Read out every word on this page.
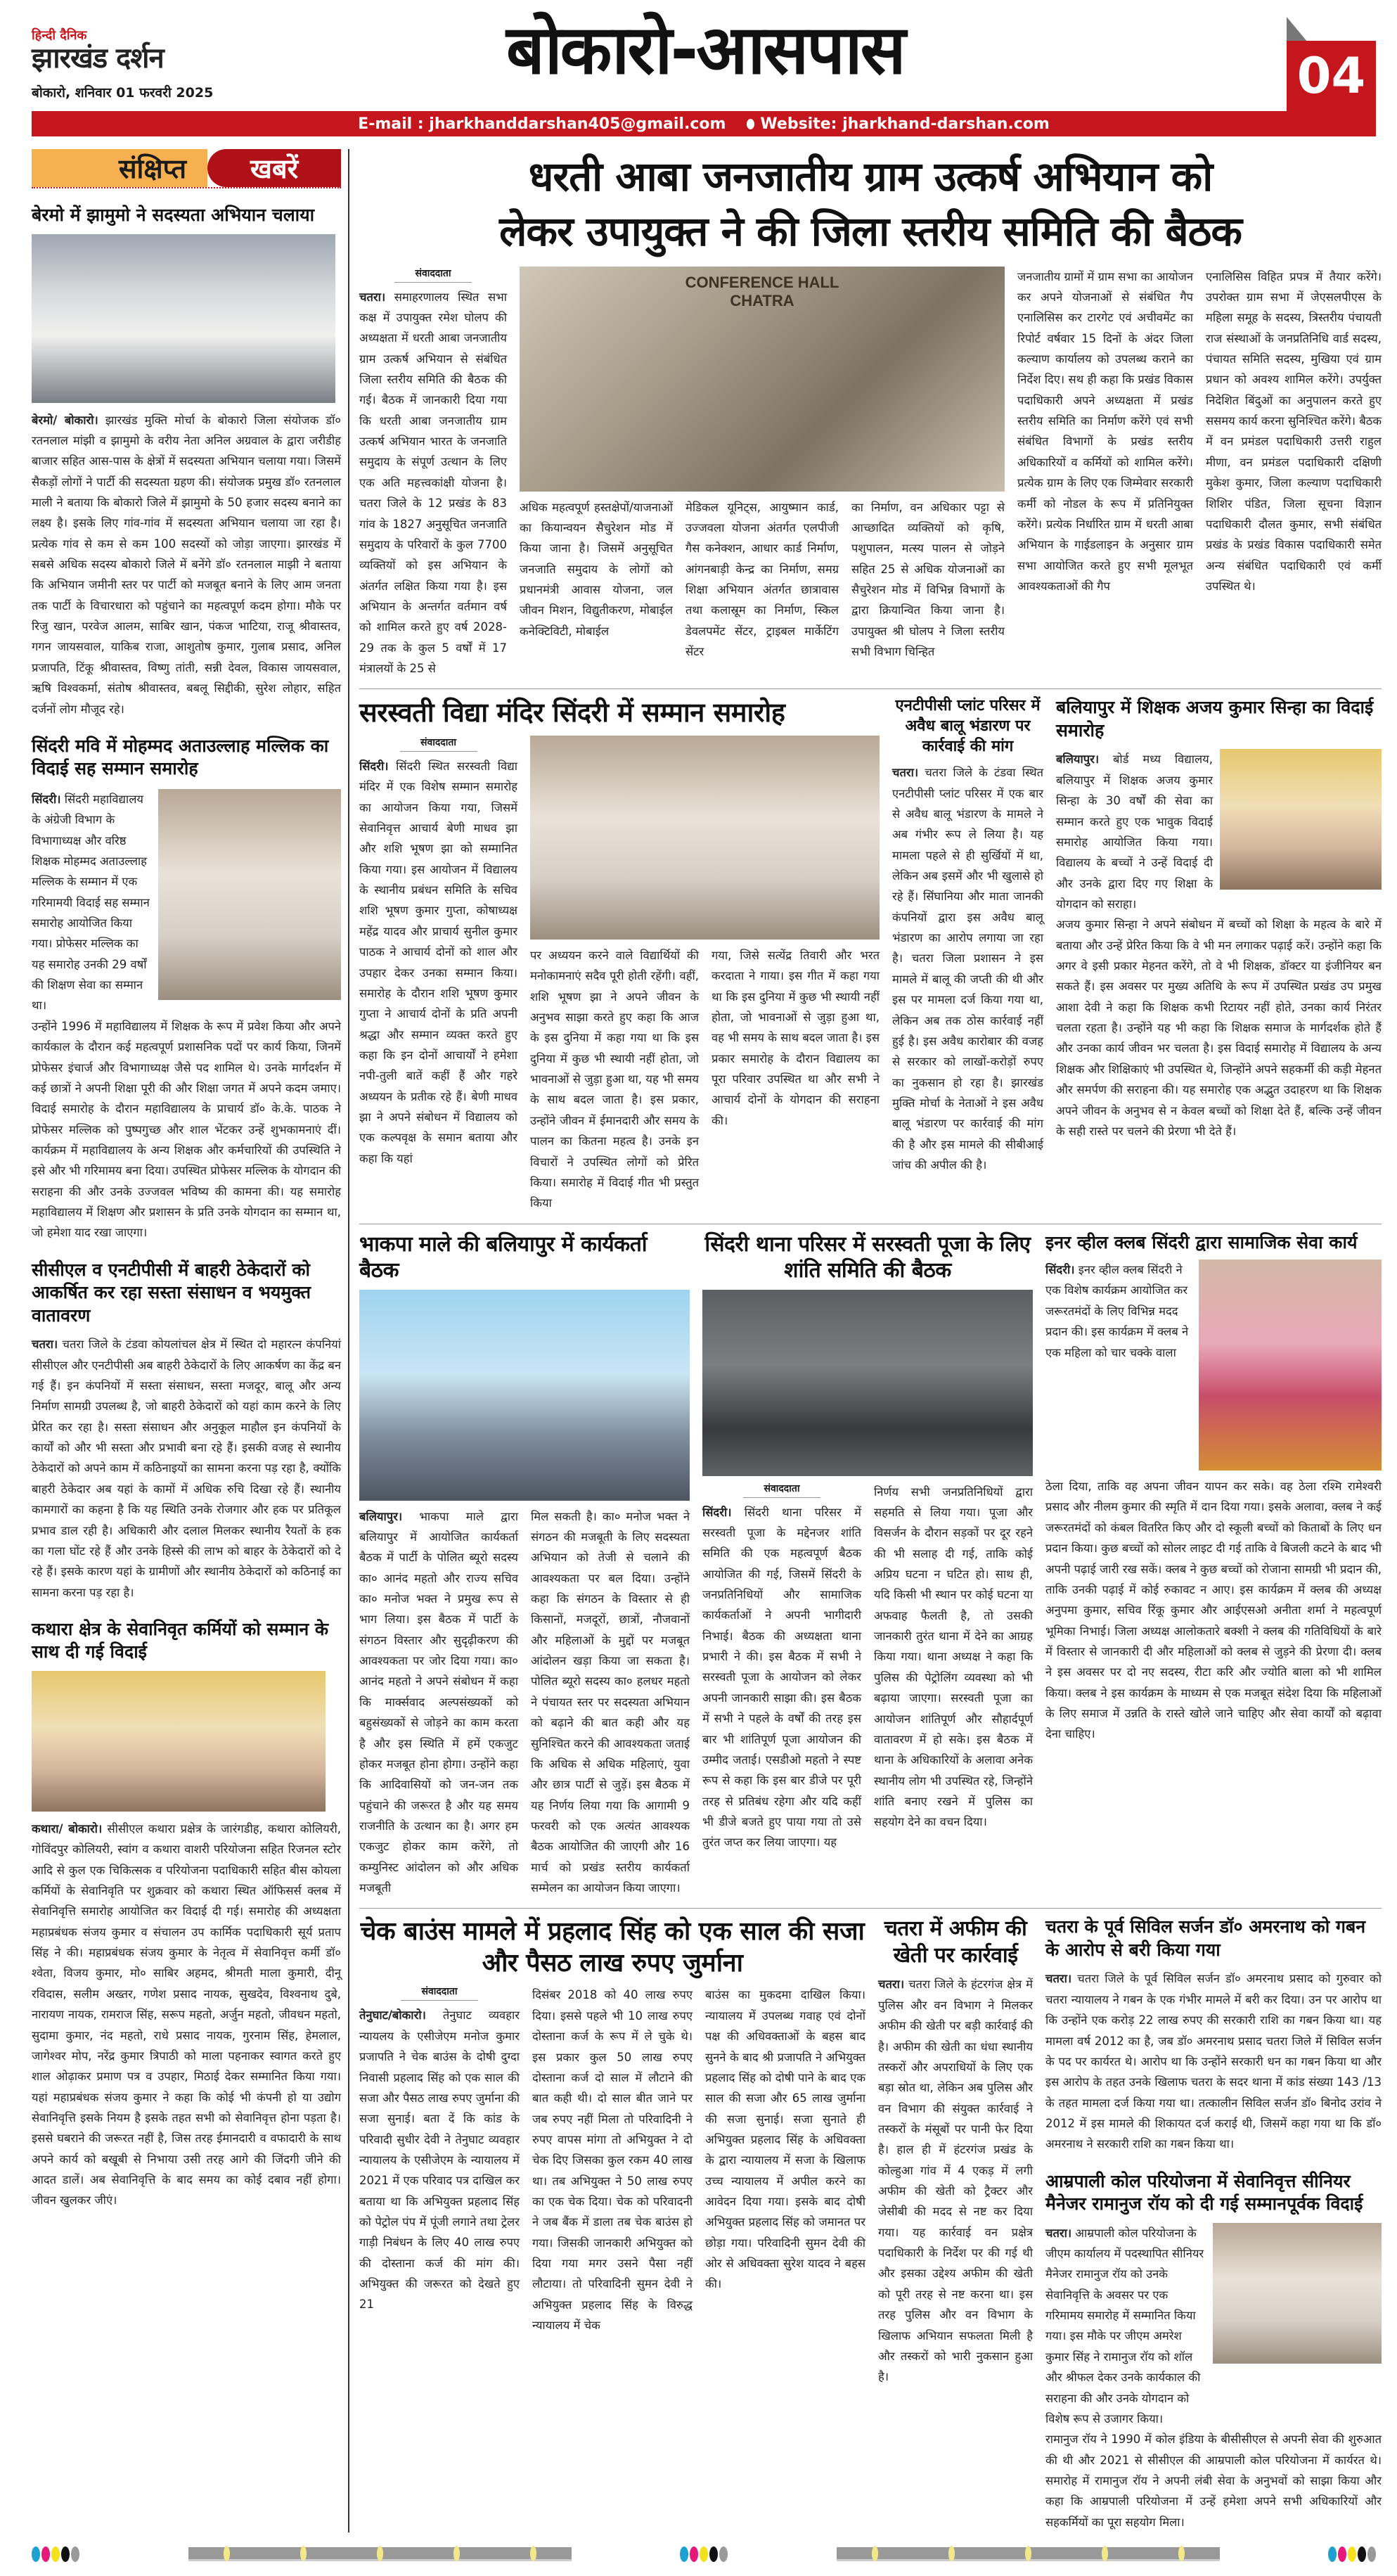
हिन्दी दैनिक
झारखंड दर्शन
बोकारो, शनिवार 01 फरवरी 2025
बोकारो-आसपास	04
E-mail : jharkhanddarshan405@gmail.com	Website: jharkhand-darshan.com
संक्षिप्त	खबरें
बेरमो में झामुमो ने सदस्यता अभियान चलाया

बेरमो/ बोकारो। झारखंड मुक्ति मोर्चा के बोकारो जिला संयोजक डॉ० रतनलाल मांझी व झामुमो के वरीय नेता अनिल अग्रवाल के द्वारा जरीडीह बाजार सहित आस-पास के क्षेत्रों में सदस्यता अभियान चलाया गया। जिसमें सैकड़ों लोगों ने पार्टी की सदस्यता ग्रहण की। संयोजक प्रमुख डॉ० रतनलाल माली ने बताया कि बोकारो जिले में झामुमो के 50 हजार सदस्य बनाने का लक्ष्य है। इसके लिए गांव-गांव में सदस्यता अभियान चलाया जा रहा है। प्रत्येक गांव से कम से कम 100 सदस्यों को जोड़ा जाएगा। झारखंड में सबसे अधिक सदस्य बोकारो जिले में बनेंगे डॉ० रतनलाल माझी ने बताया कि अभियान जमीनी स्तर पर पार्टी को मजबूत बनाने के लिए आम जनता तक पार्टी के विचारधारा को पहुंचाने का महत्वपूर्ण कदम होगा। मौके पर रिजु खान, परवेज आलम, साबिर खान, पंकज भाटिया, राजू श्रीवास्तव, गगन जायसवाल, याकिब राजा, आशुतोष कुमार, गुलाब प्रसाद, अनिल प्रजापति, टिंकू श्रीवास्तव, विष्णु तांती, सन्नी देवल, विकास जायसवाल, ऋषि विश्वकर्मा, संतोष श्रीवास्तव, बबलू सिद्दीकी, सुरेश लोहार, सहित दर्जनों लोग मौजूद रहे।

सिंदरी मवि में मोहम्मद अताउल्लाह मल्लिक का विदाई सह सम्मान समारोह

सिंदरी। सिंदरी महाविद्यालय के अंग्रेजी विभाग के विभागाध्यक्ष और वरिष्ठ शिक्षक मोहम्मद अताउल्लाह मल्लिक के सम्मान में एक गरिमामयी विदाई सह सम्मान समारोह आयोजित किया गया। प्रोफेसर मल्लिक का यह समारोह उनकी 29 वर्षों की शिक्षण सेवा का सम्मान था।

उन्होंने 1996 में महाविद्यालय में शिक्षक के रूप में प्रवेश किया और अपने कार्यकाल के दौरान कई महत्वपूर्ण प्रशासनिक पदों पर कार्य किया, जिनमें प्रोफेसर इंचार्ज और विभागाध्यक्ष जैसे पद शामिल थे। उनके मार्गदर्शन में कई छात्रों ने अपनी शिक्षा पूरी की और शिक्षा जगत में अपने कदम जमाए। विदाई समारोह के दौरान महाविद्यालय के प्राचार्य डॉ० के.के. पाठक ने प्रोफेसर मल्लिक को पुष्पगुच्छ और शाल भेंटकर उन्हें शुभकामनाएं दीं। कार्यक्रम में महाविद्यालय के अन्य शिक्षक और कर्मचारियों की उपस्थिति ने इसे और भी गरिमामय बना दिया। उपस्थित प्रोफेसर मल्लिक के योगदान की सराहना की और उनके उज्जवल भविष्य की कामना की। यह समारोह महाविद्यालय में शिक्षण और प्रशासन के प्रति उनके योगदान का सम्मान था, जो हमेशा याद रखा जाएगा।

सीसीएल व एनटीपीसी में बाहरी ठेकेदारों को आकर्षित कर रहा सस्ता संसाधन व भयमुक्त वातावरण

चतरा। चतरा जिले के टंडवा कोयलांचल क्षेत्र में स्थित दो महारत्न कंपनियां सीसीएल और एनटीपीसी अब बाहरी ठेकेदारों के लिए आकर्षण का केंद्र बन गई हैं। इन कंपनियों में सस्ता संसाधन, सस्ता मजदूर, बालू और अन्य निर्माण सामग्री उपलब्ध है, जो बाहरी ठेकेदारों को यहां काम करने के लिए प्रेरित कर रहा है। सस्ता संसाधन और अनुकूल माहौल इन कंपनियों के कार्यों को और भी सस्ता और प्रभावी बना रहे हैं। इसकी वजह से स्थानीय ठेकेदारों को अपने काम में कठिनाइयों का सामना करना पड़ रहा है, क्योंकि बाहरी ठेकेदार अब यहां के कामों में अधिक रुचि दिखा रहे हैं। स्थानीय कामगारों का कहना है कि यह स्थिति उनके रोजगार और हक पर प्रतिकूल प्रभाव डाल रही है। अधिकारी और दलाल मिलकर स्थानीय रैयतों के हक का गला घोंट रहे हैं और उनके हिस्से की लाभ को बाहर के ठेकेदारों को दे रहे हैं। इसके कारण यहां के ग्रामीणों और स्थानीय ठेकेदारों को कठिनाई का सामना करना पड़ रहा है।

कथारा क्षेत्र के सेवानिवृत कर्मियों को सम्मान के साथ दी गई विदाई

कथारा/ बोकारो। सीसीएल कथारा प्रक्षेत्र के जारंगडीह, कथारा कोलियरी, गोविंदपुर कोलियरी, स्वांग व कथारा वाशरी परियोजना सहित रिजनल स्टोर आदि से कुल एक चिकित्सक व परियोजना पदाधिकारी सहित बीस कोयला कर्मियों के सेवानिवृति पर शुक्रवार को कथारा स्थित ऑफिसर्स क्लब में सेवानिवृत्ति समारोह आयोजित कर विदाई दी गई। समारोह की अध्यक्षता महाप्रबंधक संजय कुमार व संचालन उप कार्मिक पदाधिकारी सूर्य प्रताप सिंह ने की। महाप्रबंधक संजय कुमार के नेतृत्व में सेवानिवृत्त कर्मी डॉ० श्वेता, विजय कुमार, मो० साबिर अहमद, श्रीमती माला कुमारी, दीनू रविदास, सलीम अख्तर, गणेश प्रसाद नायक, सुखदेव, विश्वनाथ दुबे, नारायण नायक, रामराज सिंह, सरूप महतो, अर्जुन महतो, जीवधन महतो, सुदामा कुमार, नंद महतो, राधे प्रसाद नायक, गुरनाम सिंह, हेमलाल, जागेश्वर मोप, नरेंद्र कुमार त्रिपाठी को माला पहनाकर स्वागत करते हुए शाल ओढ़ाकर प्रमाण पत्र व उपहार, मिठाई देकर सम्मानित किया गया। यहां महाप्रबंधक संजय कुमार ने कहा कि कोई भी कंपनी हो या उद्योग सेवानिवृत्ति इसके नियम है इसके तहत सभी को सेवानिवृत्त होना पड़ता है। इससे घबराने की जरूरत नहीं है, जिस तरह ईमानदारी व वफादारी के साथ अपने कार्य को बखूबी से निभाया उसी तरह आगे की जिंदगी जीने की आदत डालें। अब सेवानिवृत्ति के बाद समय का कोई दबाव नहीं होगा। जीवन खुलकर जीएं।

धरती आबा जनजातीय ग्राम उत्कर्ष अभियान को
लेकर उपायुक्त ने की जिला स्तरीय समिति की बैठक
संवाददाता

चतरा। समाहरणालय स्थित सभा कक्ष में उपायुक्त रमेश घोलप की अध्यक्षता में धरती आबा जनजातीय ग्राम उत्कर्ष अभियान से संबंधित जिला स्तरीय समिति की बैठक की गई। बैठक में जानकारी दिया गया कि धरती आबा जनजातीय ग्राम उत्कर्ष अभियान भारत के जनजाति समुदाय के संपूर्ण उत्थान के लिए एक अति महत्त्वकांक्षी योजना है। चतरा जिले के 12 प्रखंड के 83 गांव के 1827 अनुसूचित जनजाति समुदाय के परिवारों के कुल 7700 व्यक्तियों को इस अभियान के अंतर्गत लक्षित किया गया है। इस अभियान के अन्तर्गत वर्तमान वर्ष को शामिल करते हुए वर्ष 2028-29 तक के कुल 5 वर्षों में 17 मंत्रालयों के 25 से

CONFERENCE HALL
CHATRA

अधिक महत्वपूर्ण हस्तक्षेपों/याजनाओं का कियान्वयन सैचुरेशन मोड में किया जाना है। जिसमें अनुसूचित जनजाति समुदाय के लोगों को प्रधानमंत्री आवास योजना, जल जीवन मिशन, विद्युतीकरण, मोबाईल कनेक्टिविटी, मोबाईल

मेडिकल यूनिट्स, आयुष्मान कार्ड, उज्जवला योजना अंतर्गत एलपीजी गैस कनेक्शन, आधार कार्ड निर्माण, आंगनबाड़ी केन्द्र का निर्माण, समग्र शिक्षा अभियान अंतर्गत छात्रावास तथा कलास्रूम का निर्माण, स्किल डेवलपमेंट सेंटर, ट्राइबल मार्केटिंग सेंटर

का निर्माण, वन अधिकार पट्टा से आच्छादित व्यक्तियों को कृषि, पशुपालन, मत्स्य पालन से जोड़ने सहित 25 से अधिक योजनाओं का सैचुरेशन मोड में विभिन्न विभागों के द्वारा क्रियान्वित किया जाना है। उपायुक्त श्री घोलप ने जिला स्तरीय सभी विभाग चिन्हित

जनजातीय ग्रामों में ग्राम सभा का आयोजन कर अपने योजनाओं से संबंधित गैप एनालिसिस कर टारगेट एवं अचीवमेंट का रिपोर्ट वर्षवार 15 दिनों के अंदर जिला कल्याण कार्यालय को उपलब्ध कराने का निर्देश दिए। सथ ही कहा कि प्रखंड विकास पदाधिकारी अपने अध्यक्षता में प्रखंड स्तरीय समिति का निर्माण करेंगे एवं सभी संबंधित विभागों के प्रखंड स्तरीय अधिकारियों व कर्मियों को शामिल करेंगे। प्रत्येक ग्राम के लिए एक जिम्मेवार सरकारी कर्मी को नोडल के रूप में प्रतिनियुक्त करेंगे। प्रत्येक निर्धारित ग्राम में धरती आबा अभियान के गाईडलाइन के अनुसार ग्राम सभा आयोजित करते हुए सभी मूलभूत आवश्यकताओं की गैप

एनालिसिस विहित प्रपत्र में तैयार करेंगे। उपरोक्त ग्राम सभा में जेएसलपीएस के महिला समूह के सदस्य, त्रिस्तरीय पंचायती राज संस्थाओं के जनप्रतिनिधि वार्ड सदस्य, पंचायत समिति सदस्य, मुखिया एवं ग्राम प्रधान को अवश्य शामिल करेंगे। उपर्युक्त निदेशित बिंदुओं का अनुपालन करते हुए ससमय कार्य करना सुनिश्चित करेंगे। बैठक में वन प्रमंडल पदाधिकारी उत्तरी राहुल मीणा, वन प्रमंडल पदाधिकारी दक्षिणी मुकेश कुमार, जिला कल्याण पदाधिकारी शिशिर पंडित, जिला सूचना विज्ञान पदाधिकारी दौलत कुमार, सभी संबंधित प्रखंड के प्रखंड विकास पदाधिकारी समेत अन्य संबंधित पदाधिकारी एवं कर्मी उपस्थित थे।

सरस्वती विद्या मंदिर सिंदरी में सम्मान समारोह
संवाददाता

सिंदरी। सिंदरी स्थित सरस्वती विद्या मंदिर में एक विशेष सम्मान समारोह का आयोजन किया गया, जिसमें सेवानिवृत्त आचार्य बेणी माधव झा और शशि भूषण झा को सम्मानित किया गया। इस आयोजन में विद्यालय के स्थानीय प्रबंधन समिति के सचिव शशि भूषण कुमार गुप्ता, कोषाध्यक्ष महेंद्र यादव और प्राचार्य सुनील कुमार पाठक ने आचार्य दोनों को शाल और उपहार देकर उनका सम्मान किया। समारोह के दौरान शशि भूषण कुमार गुप्ता ने आचार्य दोनों के प्रति अपनी श्रद्धा और सम्मान व्यक्त करते हुए कहा कि इन दोनों आचार्यों ने हमेशा नपी-तुली बातें कहीं हैं और गहरे अध्ययन के प्रतीक रहे हैं। बेणी माधव झा ने अपने संबोधन में विद्यालय को एक कल्पवृक्ष के समान बताया और कहा कि यहां

पर अध्ययन करने वाले विद्यार्थियों की मनोकामनाएं सदैव पूरी होती रहेंगी। वहीं, शशि भूषण झा ने अपने जीवन के अनुभव साझा करते हुए कहा कि आज के इस दुनिया में कहा गया था कि इस दुनिया में कुछ भी स्थायी नहीं होता, जो भावनाओं से जुड़ा हुआ था, यह भी समय के साथ बदल जाता है। इस प्रकार, उन्होंने जीवन में ईमानदारी और समय के पालन का कितना महत्व है। उनके इन विचारों ने उपस्थित लोगों को प्रेरित किया। समारोह में विदाई गीत भी प्रस्तुत किया

गया, जिसे सत्येंद्र तिवारी और भरत करदाता ने गाया। इस गीत में कहा गया था कि इस दुनिया में कुछ भी स्थायी नहीं होता, जो भावनाओं से जुड़ा हुआ था, वह भी समय के साथ बदल जाता है। इस प्रकार समारोह के दौरान विद्यालय का पूरा परिवार उपस्थित था और सभी ने आचार्य दोनों के योगदान की सराहना की।

एनटीपीसी प्लांट परिसर में अवैध बालू भंडारण पर कार्रवाई की मांग

चतरा। चतरा जिले के टंडवा स्थित एनटीपीसी प्लांट परिसर में एक बार से अवैध बालू भंडारण के मामले ने अब गंभीर रूप ले लिया है। यह मामला पहले से ही सुर्खियों में था, लेकिन अब इसमें और भी खुलासे हो रहे हैं। सिंघानिया और माता जानकी कंपनियों द्वारा इस अवैध बालू भंडारण का आरोप लगाया जा रहा है। चतरा जिला प्रशासन ने इस मामले में बालू की जप्ती की थी और इस पर मामला दर्ज किया गया था, लेकिन अब तक ठोस कार्रवाई नहीं हुई है। इस अवैध कारोबार की वजह से सरकार को लाखों-करोड़ों रुपए का नुकसान हो रहा है। झारखंड मुक्ति मोर्चा के नेताओं ने इस अवैध बालू भंडारण पर कार्रवाई की मांग की है और इस मामले की सीबीआई जांच की अपील की है।

बलियापुर में शिक्षक अजय कुमार सिन्हा का विदाई समारोह

बलियापुर। बोर्ड मध्य विद्यालय, बलियापुर में शिक्षक अजय कुमार सिन्हा के 30 वर्षों की सेवा का सम्मान करते हुए एक भावुक विदाई समारोह आयोजित किया गया। विद्यालय के बच्चों ने उन्हें विदाई दी और उनके द्वारा दिए गए शिक्षा के योगदान को सराहा।

अजय कुमार सिन्हा ने अपने संबोधन में बच्चों को शिक्षा के महत्व के बारे में बताया और उन्हें प्रेरित किया कि वे भी मन लगाकर पढ़ाई करें। उन्होंने कहा कि अगर वे इसी प्रकार मेहनत करेंगे, तो वे भी शिक्षक, डॉक्टर या इंजीनियर बन सकते हैं। इस अवसर पर मुख्य अतिथि के रूप में उपस्थित प्रखंड उप प्रमुख आशा देवी ने कहा कि शिक्षक कभी रिटायर नहीं होते, उनका कार्य निरंतर चलता रहता है। उन्होंने यह भी कहा कि शिक्षक समाज के मार्गदर्शक होते हैं और उनका कार्य जीवन भर चलता है। इस विदाई समारोह में विद्यालय के अन्य शिक्षक और शिक्षिकाएं भी उपस्थित थे, जिन्होंने अपने सहकर्मी की कड़ी मेहनत और समर्पण की सराहना की। यह समारोह एक अद्भुत उदाहरण था कि शिक्षक अपने जीवन के अनुभव से न केवल बच्चों को शिक्षा देते हैं, बल्कि उन्हें जीवन के सही रास्ते पर चलने की प्रेरणा भी देते हैं।

भाकपा माले की बलियापुर में कार्यकर्ता बैठक

बलियापुर। भाकपा माले द्वारा बलियापुर में आयोजित कार्यकर्ता बैठक में पार्टी के पोलित ब्यूरो सदस्य का० आनंद महतो और राज्य सचिव का० मनोज भक्त ने प्रमुख रूप से भाग लिया। इस बैठक में पार्टी के संगठन विस्तार और सुदृढ़ीकरण की आवश्यकता पर जोर दिया गया। का० आनंद महतो ने अपने संबोधन में कहा कि मार्क्सवाद अल्पसंख्यकों को बहुसंख्यकों से जोड़ने का काम करता है और इस स्थिति में हमें एकजुट होकर मजबूत होना होगा। उन्होंने कहा कि आदिवासियों को जन-जन तक पहुंचाने की जरूरत है और यह समय राजनीति के उत्थान का है। अगर हम एकजुट होकर काम करेंगे, तो कम्युनिस्ट आंदोलन को और अधिक मजबूती

मिल सकती है। का० मनोज भक्त ने संगठन की मजबूती के लिए सदस्यता अभियान को तेजी से चलाने की आवश्यकता पर बल दिया। उन्होंने कहा कि संगठन के विस्तार से ही किसानों, मजदूरों, छात्रों, नौजवानों और महिलाओं के मुद्दों पर मजबूत आंदोलन खड़ा किया जा सकता है। पोलित ब्यूरो सदस्य का० हलधर महतो ने पंचायत स्तर पर सदस्यता अभियान को बढ़ाने की बात कही और यह सुनिश्चित करने की आवश्यकता जताई कि अधिक से अधिक महिलाएं, युवा और छात्र पार्टी से जुड़ें। इस बैठक में यह निर्णय लिया गया कि आगामी 9 फरवरी को एक अत्यंत आवश्यक बैठक आयोजित की जाएगी और 16 मार्च को प्रखंड स्तरीय कार्यकर्ता सम्मेलन का आयोजन किया जाएगा।

सिंदरी थाना परिसर में सरस्वती पूजा के लिए शांति समिति की बैठक
संवाददाता

सिंदरी। सिंदरी थाना परिसर में सरस्वती पूजा के मद्देनजर शांति समिति की एक महत्वपूर्ण बैठक आयोजित की गई, जिसमें सिंदरी के जनप्रतिनिधियों और सामाजिक कार्यकर्ताओं ने अपनी भागीदारी निभाई। बैठक की अध्यक्षता थाना प्रभारी ने की। इस बैठक में सभी ने सरस्वती पूजा के आयोजन को लेकर अपनी जानकारी साझा की। इस बैठक में सभी ने पहले के वर्षों की तरह इस बार भी शांतिपूर्ण पूजा आयोजन की उम्मीद जताई। एसडीओ महतो ने स्पष्ट रूप से कहा कि इस बार डीजे पर पूरी तरह से प्रतिबंध रहेगा और यदि कहीं भी डीजे बजते हुए पाया गया तो उसे तुरंत जप्त कर लिया जाएगा। यह

निर्णय सभी जनप्रतिनिधियों द्वारा सहमति से लिया गया। पूजा और विसर्जन के दौरान सड़कों पर दूर रहने की भी सलाह दी गई, ताकि कोई अप्रिय घटना न घटित हो। साथ ही, यदि किसी भी स्थान पर कोई घटना या अफवाह फैलती है, तो उसकी जानकारी तुरंत थाना में देने का आग्रह किया गया। थाना अध्यक्ष ने कहा कि पुलिस की पेट्रोलिंग व्यवस्था को भी बढ़ाया जाएगा। सरस्वती पूजा का आयोजन शांतिपूर्ण और सौहार्दपूर्ण वातावरण में हो सके। इस बैठक में थाना के अधिकारियों के अलावा अनेक स्थानीय लोग भी उपस्थित रहे, जिन्होंने शांति बनाए रखने में पुलिस का सहयोग देने का वचन दिया।

इनर व्हील क्लब सिंदरी द्वारा सामाजिक सेवा कार्य

सिंदरी। इनर व्हील क्लब सिंदरी ने एक विशेष कार्यक्रम आयोजित कर जरूरतमंदों के लिए विभिन्न मदद प्रदान की। इस कार्यक्रम में क्लब ने एक महिला को चार चक्के वाला

ठेला दिया, ताकि वह अपना जीवन यापन कर सके। वह ठेला रश्मि रामेश्वरी प्रसाद और नीलम कुमार की स्मृति में दान दिया गया। इसके अलावा, क्लब ने कई जरूरतमंदों को कंबल वितरित किए और दो स्कूली बच्चों को किताबों के लिए धन प्रदान किया। कुछ बच्चों को सोलर लाइट दी गई ताकि वे बिजली कटने के बाद भी अपनी पढ़ाई जारी रख सकें। क्लब ने कुछ बच्चों को रोजाना सामग्री भी प्रदान की, ताकि उनकी पढ़ाई में कोई रुकावट न आए। इस कार्यक्रम में क्लब की अध्यक्ष अनुपमा कुमार, सचिव रिंकू कुमार और आईएसओ अनीता शर्मा ने महत्वपूर्ण भूमिका निभाई। जिला अध्यक्ष आलोकतारे बक्शी ने क्लब की गतिविधियों के बारे में विस्तार से जानकारी दी और महिलाओं को क्लब से जुड़ने की प्रेरणा दी। क्लब ने इस अवसर पर दो नए सदस्य, रीटा करि और ज्योति बाला को भी शामिल किया। क्लब ने इस कार्यक्रम के माध्यम से एक मजबूत संदेश दिया कि महिलाओं के लिए समाज में उन्नति के रास्ते खोले जाने चाहिए और सेवा कार्यों को बढ़ावा देना चाहिए।

चेक बाउंस मामले में प्रहलाद सिंह को एक साल की सजा और पैसठ लाख रुपए जुर्माना
संवाददाता

तेनुघाट/बोकारो। तेनुघाट व्यवहार न्यायलय के एसीजेएम मनोज कुमार प्रजापति ने चेक बाउंस के दोषी दुग्दा निवासी प्रहलाद सिंह को एक साल की सजा और पैसठ लाख रुपए जुर्माना की सजा सुनाई। बता दें कि कांड के परिवादी सुधीर देवी ने तेनुघाट व्यवहार न्यायालय के एसीजेएम के न्यायालय में 2021 में एक परिवाद पत्र दाखिल कर बताया था कि अभियुक्त प्रहलाद सिंह को पेट्रोल पंप में पूंजी लगाने तथा ट्रेलर गाड़ी निबंधन के लिए 40 लाख रुपए की दोस्ताना कर्ज की मांग की। अभियुक्त की जरूरत को देखते हुए 21

दिसंबर 2018 को 40 लाख रुपए दिया। इससे पहले भी 10 लाख रुपए दोस्ताना कर्ज के रूप में ले चुके थे। इस प्रकार कुल 50 लाख रुपए दोस्ताना कर्ज दो साल में लौटाने की बात कही थी। दो साल बीत जाने पर जब रुपए नहीं मिला तो परिवादिनी ने रुपए वापस मांगा तो अभियुक्त ने दो चेक दिए जिसका कुल रकम 40 लाख था। तब अभियुक्त ने 50 लाख रुपए का एक चेक दिया। चेक को परिवादनी ने जब बैंक में डाला तब चेक बाउंस हो गया। जिसकी जानकारी अभियुक्त को दिया गया मगर उसने पैसा नहीं लौटाया। तो परिवादिनी सुमन देवी ने अभियुक्त प्रहलाद सिंह के विरुद्ध न्यायालय में चेक

बाउंस का मुकदमा दाखिल किया। न्यायालय में उपलब्ध गवाह एवं दोनों पक्ष की अधिवक्ताओं के बहस बाद सुनने के बाद श्री प्रजापति ने अभियुक्त प्रहलाद सिंह को दोषी पाने के बाद एक साल की सजा और 65 लाख जुर्माना की सजा सुनाई। सजा सुनाते ही अभियुक्त प्रहलाद सिंह के अधिवक्ता के द्वारा न्यायालय में सजा के खिलाफ उच्च न्यायालय में अपील करने का आवेदन दिया गया। इसके बाद दोषी अभियुक्त प्रहलाद सिंह को जमानत पर छोड़ा गया। परिवादिनी सुमन देवी की ओर से अधिवक्ता सुरेश यादव ने बहस की।

चतरा में अफीम की खेती पर कार्रवाई

चतरा। चतरा जिले के हंटरगंज क्षेत्र में पुलिस और वन विभाग ने मिलकर अफीम की खेती पर बड़ी कार्रवाई की है। अफीम की खेती का धंधा स्थानीय तस्करों और अपराधियों के लिए एक बड़ा स्रोत था, लेकिन अब पुलिस और वन विभाग की संयुक्त कार्रवाई ने तस्करों के मंसूबों पर पानी फेर दिया है। हाल ही में हंटरगंज प्रखंड के कोल्हुआ गांव में 4 एकड़ में लगी अफीम की खेती को ट्रैक्टर और जेसीबी की मदद से नष्ट कर दिया गया। यह कार्रवाई वन प्रक्षेत्र पदाधिकारी के निर्देश पर की गई थी और इसका उद्देश्य अफीम की खेती को पूरी तरह से नष्ट करना था। इस तरह पुलिस और वन विभाग के खिलाफ अभियान सफलता मिली है और तस्करों को भारी नुकसान हुआ है।

चतरा के पूर्व सिविल सर्जन डॉ० अमरनाथ को गबन के आरोप से बरी किया गया

चतरा। चतरा जिले के पूर्व सिविल सर्जन डॉ० अमरनाथ प्रसाद को गुरुवार को चतरा न्यायालय ने गबन के एक गंभीर मामले में बरी कर दिया। उन पर आरोप था कि उन्होंने एक करोड़ 22 लाख रुपए की सरकारी राशि का गबन किया था। यह मामला वर्ष 2012 का है, जब डॉ० अमरनाथ प्रसाद चतरा जिले में सिविल सर्जन के पद पर कार्यरत थे। आरोप था कि उन्होंने सरकारी धन का गबन किया था और इस आरोप के तहत उनके खिलाफ चतरा के सदर थाना में कांड संख्या 143 /13 के तहत मामला दर्ज किया गया था। तत्कालीन सिविल सर्जन डॉ० बिनोद उरांव ने 2012 में इस मामले की शिकायत दर्ज कराई थी, जिसमें कहा गया था कि डॉ० अमरनाथ ने सरकारी राशि का गबन किया था।

आम्रपाली कोल परियोजना में सेवानिवृत्त सीनियर मैनेजर रामानुज रॉय को दी गई सम्मानपूर्वक विदाई

चतरा। आम्रपाली कोल परियोजना के जीएम कार्यालय में पदस्थापित सीनियर मैनेजर रामानुज रॉय को उनके सेवानिवृत्ति के अवसर पर एक गरिमामय समारोह में सम्मानित किया गया। इस मौके पर जीएम अमरेश कुमार सिंह ने रामानुज रॉय को शॉल और श्रीफल देकर उनके कार्यकाल की सराहना की और उनके योगदान को विशेष रूप से उजागर किया।

रामानुज रॉय ने 1990 में कोल इंडिया के बीसीसीएल से अपनी सेवा की शुरुआत की थी और 2021 से सीसीएल की आम्रपाली कोल परियोजना में कार्यरत थे। समारोह में रामानुज रॉय ने अपनी लंबी सेवा के अनुभवों को साझा किया और कहा कि आम्रपाली परियोजना में उन्हें हमेशा अपने सभी अधिकारियों और सहकर्मियों का पूरा सहयोग मिला।
